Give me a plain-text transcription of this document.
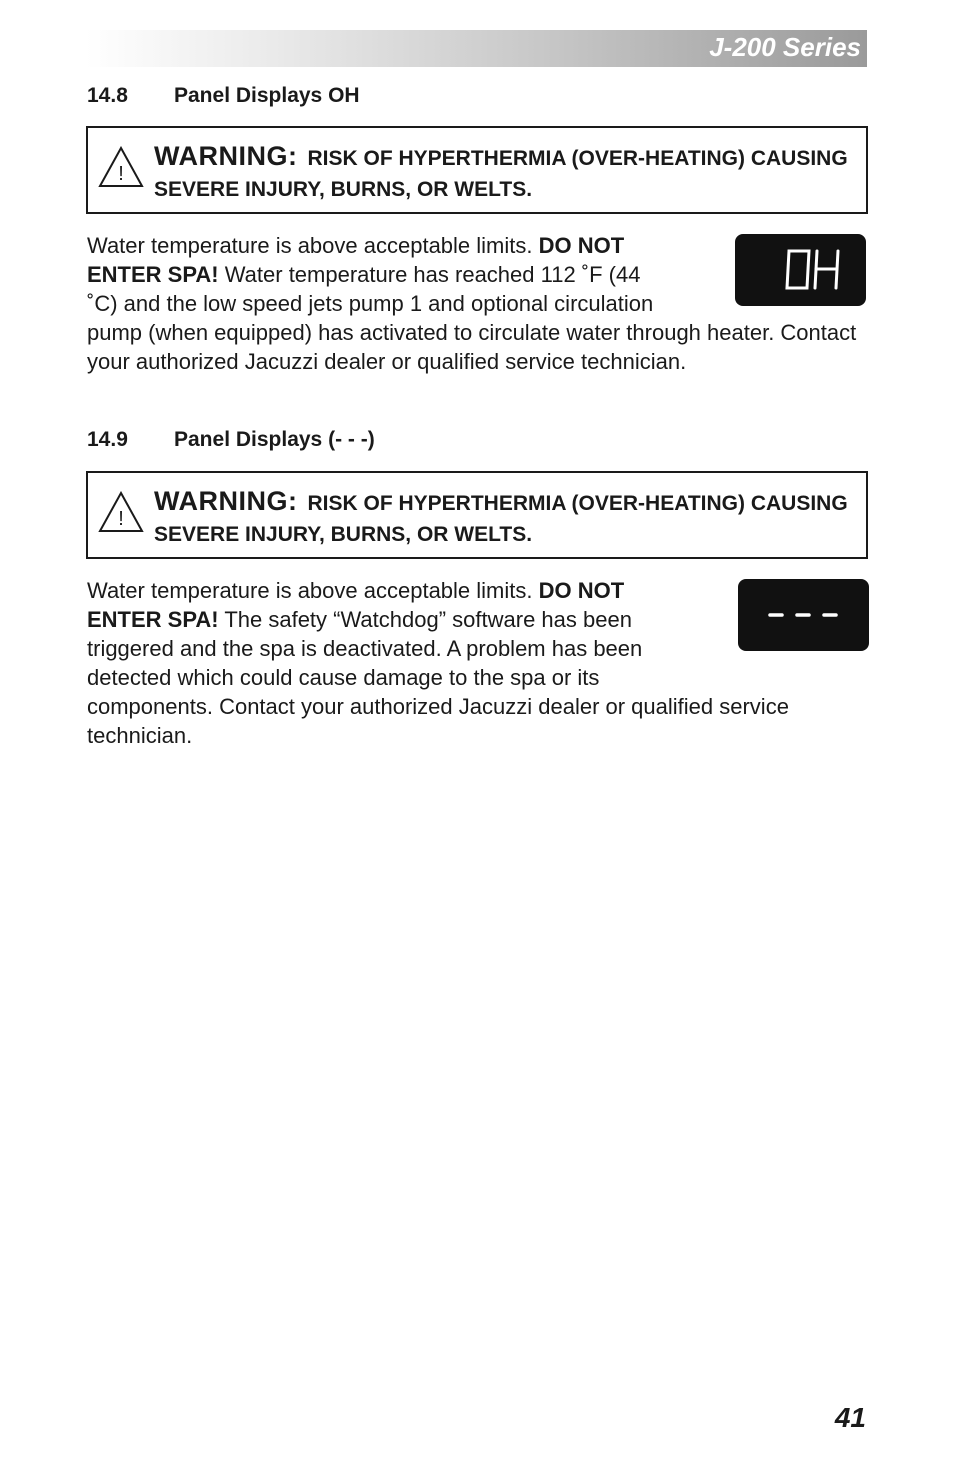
J-200 Series
14.8 Panel Displays OH
!
WARNING: RISK OF HYPERTHERMIA (OVER-HEATING) CAUSING SEVERE INJURY, BURNS, OR WELTS.
Water temperature is above acceptable limits. DO NOT ENTER SPA! Water temperature has reached 112 ˚F (44 ˚C) and the low speed jets pump 1 and optional circulation pump (when equipped) has activated to circulate water through heater. Contact your authorized Jacuzzi dealer or qualified service technician.
14.9 Panel Displays (- - -)
!
WARNING: RISK OF HYPERTHERMIA (OVER-HEATING) CAUSING SEVERE INJURY, BURNS, OR WELTS.
Water temperature is above acceptable limits. DO NOT ENTER SPA! The safety “Watchdog” software has been triggered and the spa is deactivated. A problem has been detected which could cause damage to the spa or its components. Contact your authorized Jacuzzi dealer or qualified service technician.
41
